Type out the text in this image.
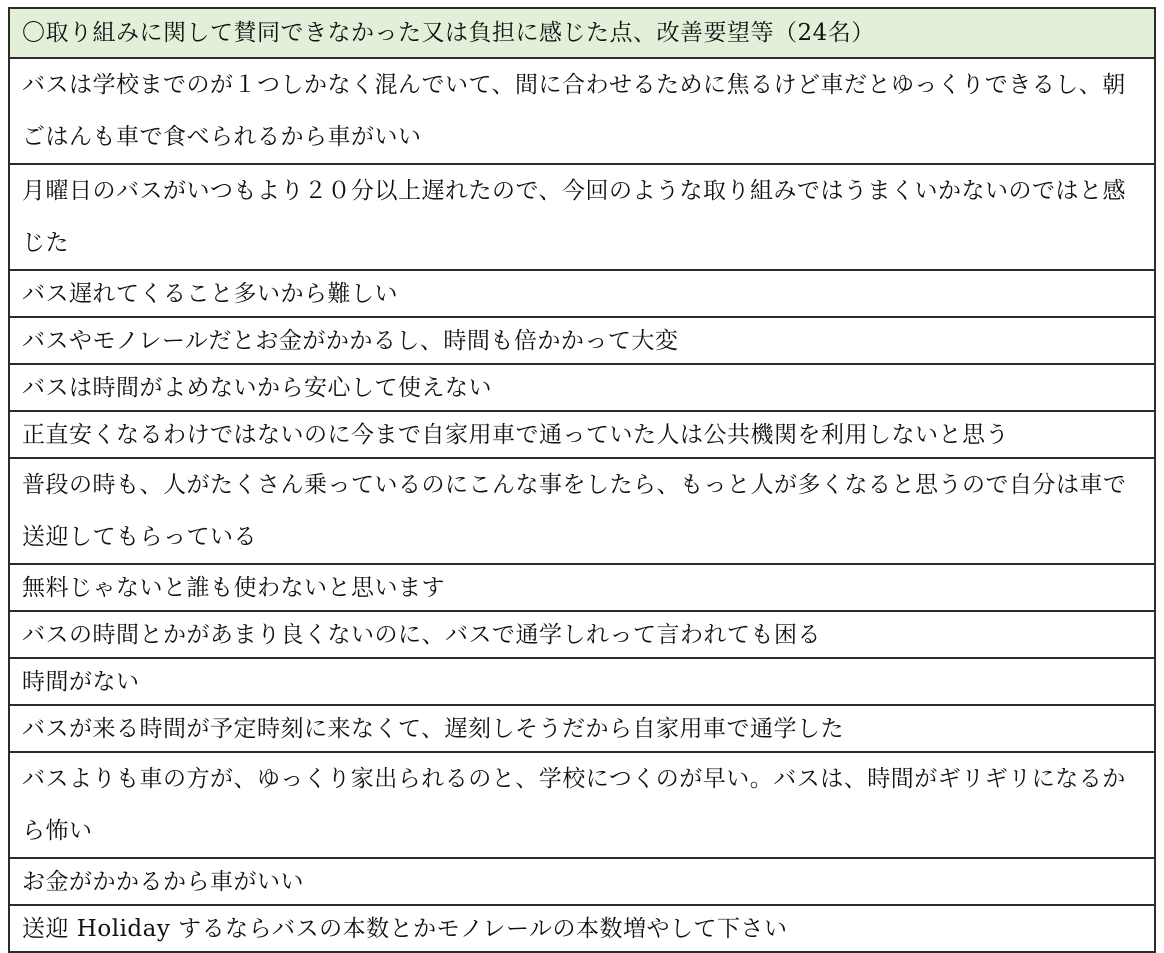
〇取り組みに関して賛同できなかった又は負担に感じた点、改善要望等（24名）
バスは学校までのが１つしかなく混んでいて、間に合わせるために焦るけど車だとゆっくりできるし、朝ごはんも車で食べられるから車がいい
月曜日のバスがいつもより２０分以上遅れたので、今回のような取り組みではうまくいかないのではと感じた
バス遅れてくること多いから難しい
バスやモノレールだとお金がかかるし、時間も倍かかって大変
バスは時間がよめないから安心して使えない
正直安くなるわけではないのに今まで自家用車で通っていた人は公共機関を利用しないと思う
普段の時も、人がたくさん乗っているのにこんな事をしたら、もっと人が多くなると思うので自分は車で送迎してもらっている
無料じゃないと誰も使わないと思います
バスの時間とかがあまり良くないのに、バスで通学しれって言われても困る
時間がない
バスが来る時間が予定時刻に来なくて、遅刻しそうだから自家用車で通学した
バスよりも車の方が、ゆっくり家出られるのと、学校につくのが早い。バスは、時間がギリギリになるから怖い
お金がかかるから車がいい
送迎 Holiday するならバスの本数とかモノレールの本数増やして下さい
